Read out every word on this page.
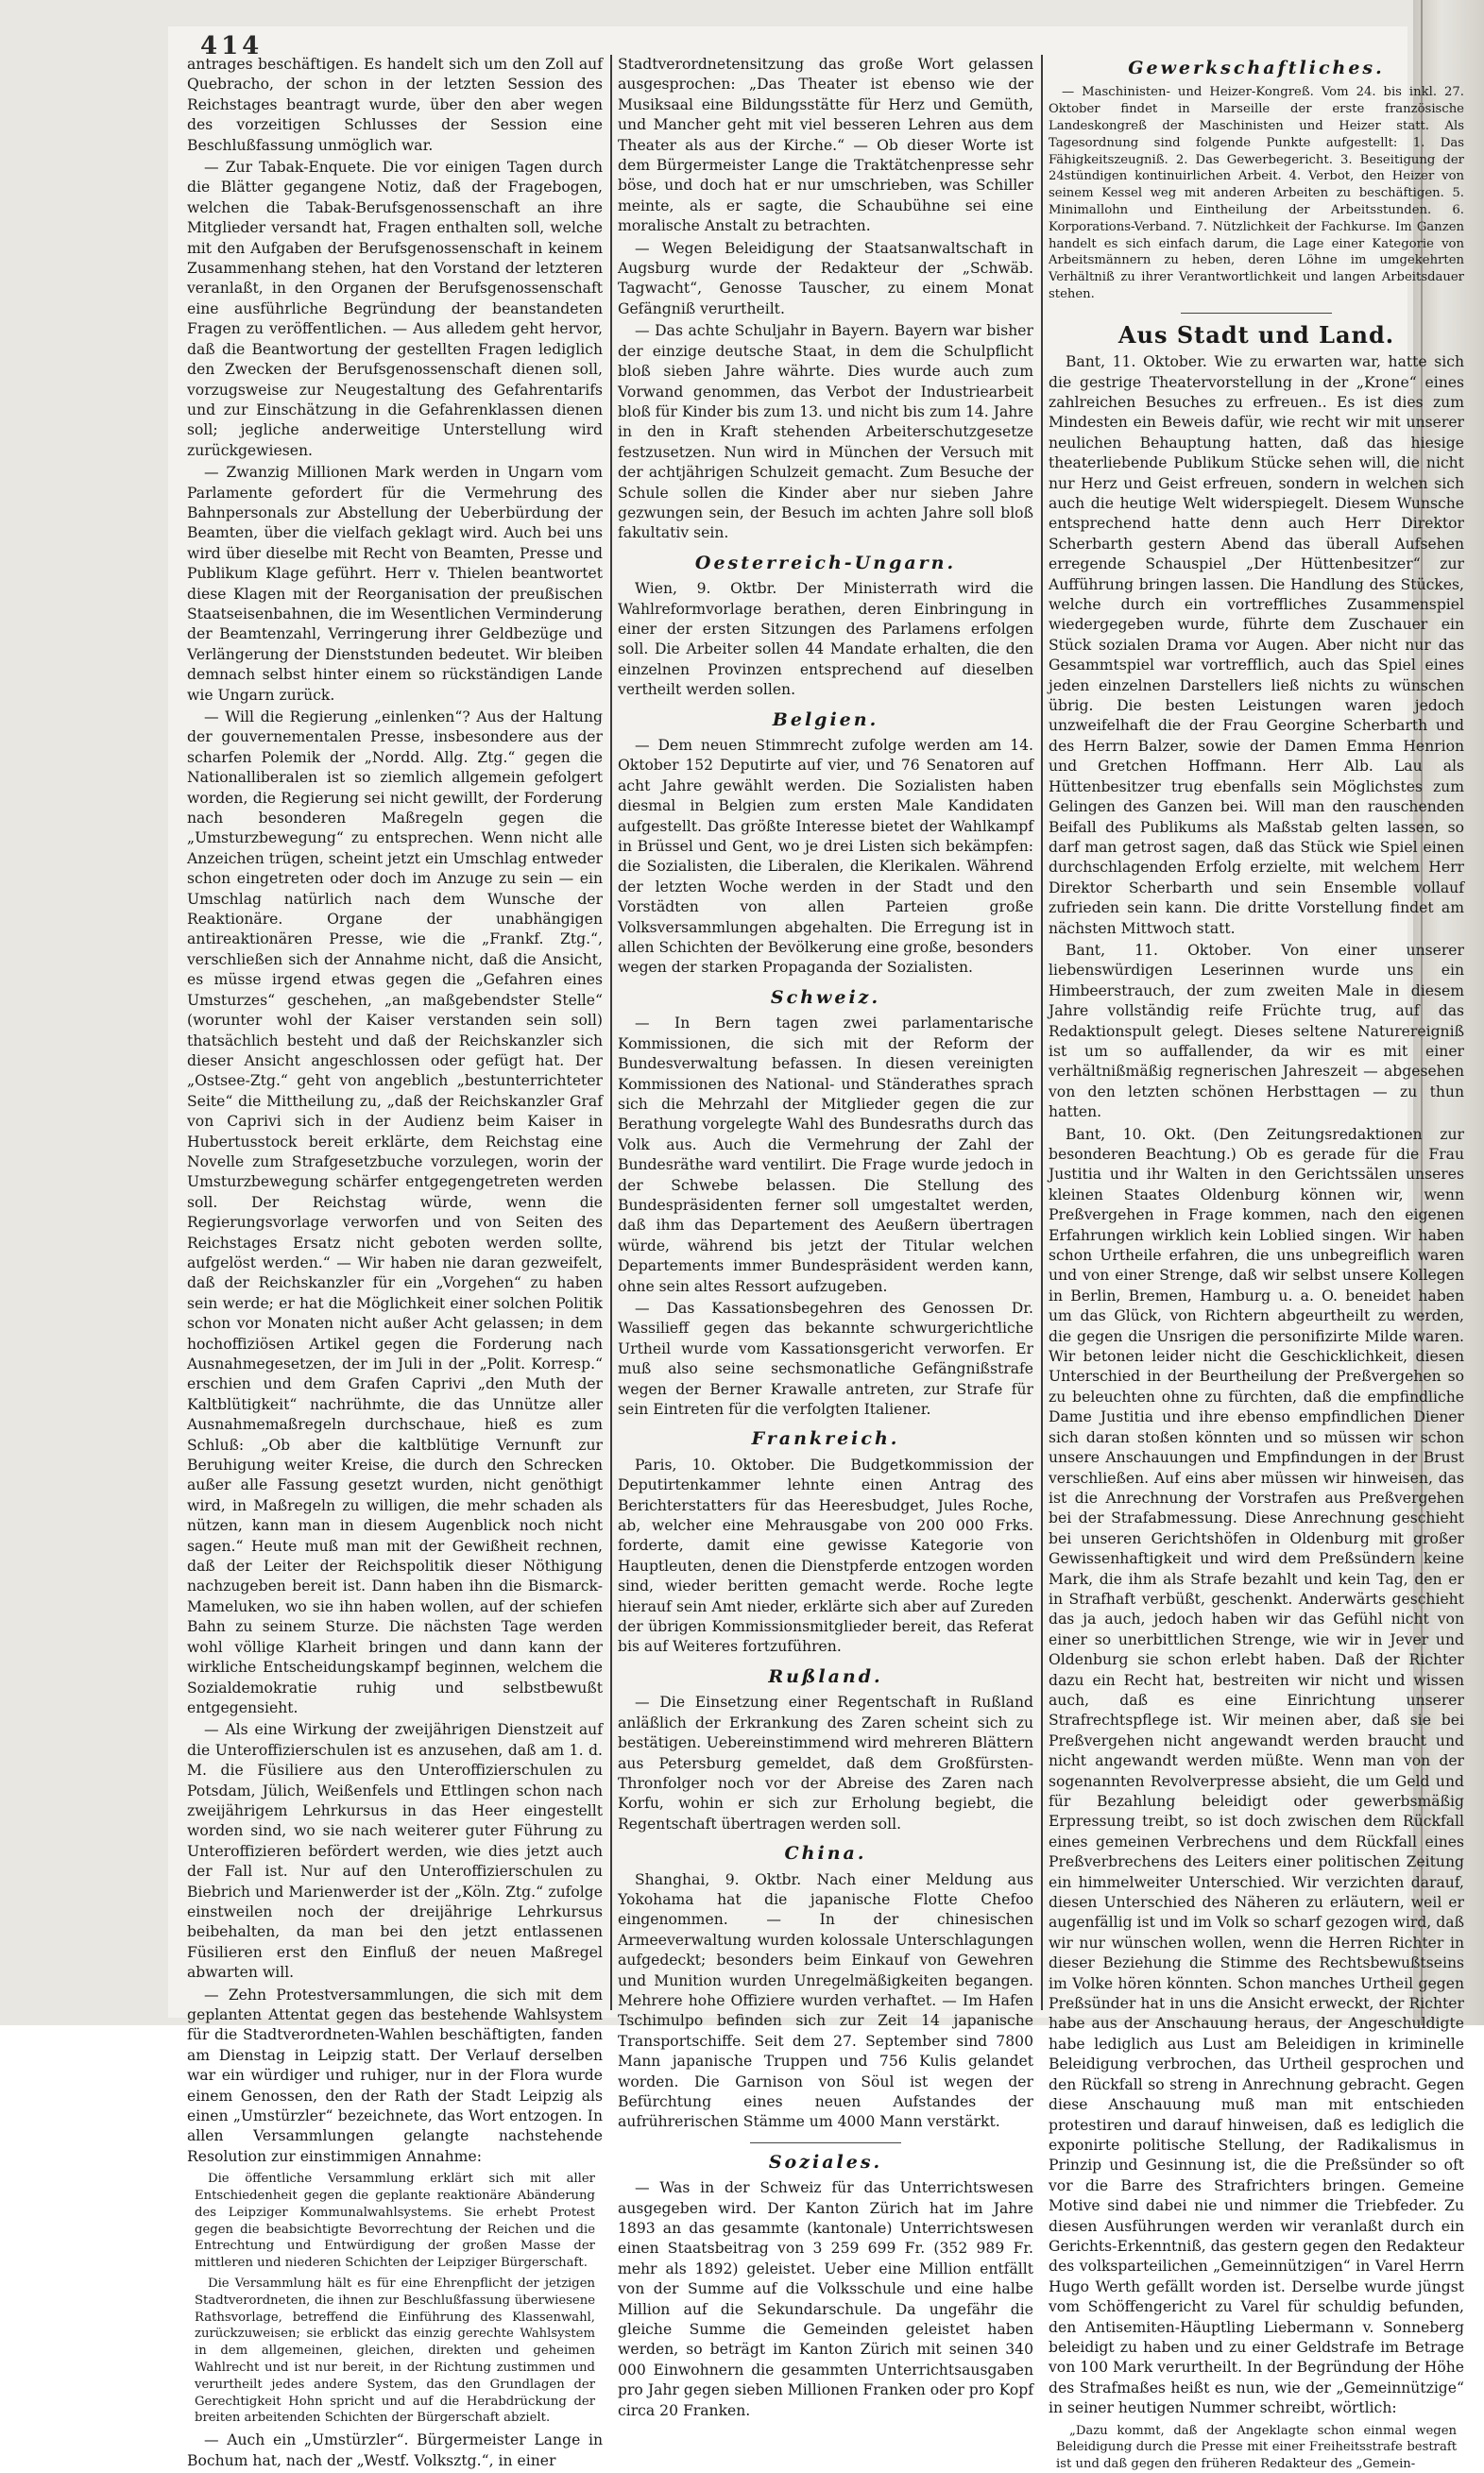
414

antrages beschäftigen. Es handelt sich um den Zoll auf Quebracho, der schon in der letzten Session des Reichstages beantragt wurde, über den aber wegen des vorzeitigen Schlusses der Session eine Beschlußfassung unmöglich war.

— Zur Tabak-Enquete. Die vor einigen Tagen durch die Blätter gegangene Notiz, daß der Fragebogen, welchen die Tabak-Berufsgenossenschaft an ihre Mitglieder versandt hat, Fragen enthalten soll, welche mit den Aufgaben der Berufsgenossenschaft in keinem Zusammenhang stehen, hat den Vorstand der letzteren veranlaßt, in den Organen der Berufsgenossenschaft eine ausführliche Begründung der beanstandeten Fragen zu veröffentlichen. — Aus alledem geht hervor, daß die Beantwortung der gestellten Fragen lediglich den Zwecken der Berufsgenossenschaft dienen soll, vorzugsweise zur Neugestaltung des Gefahrentarifs und zur Einschätzung in die Gefahrenklassen dienen soll; jegliche anderweitige Unterstellung wird zurückgewiesen.

— Zwanzig Millionen Mark werden in Ungarn vom Parlamente gefordert für die Vermehrung des Bahnpersonals zur Abstellung der Ueberbürdung der Beamten, über die vielfach geklagt wird. Auch bei uns wird über dieselbe mit Recht von Beamten, Presse und Publikum Klage geführt. Herr v. Thielen beantwortet diese Klagen mit der Reorganisation der preußischen Staatseisenbahnen, die im Wesentlichen Verminderung der Beamtenzahl, Verringerung ihrer Geldbezüge und Verlängerung der Dienststunden bedeutet. Wir bleiben demnach selbst hinter einem so rückständigen Lande wie Ungarn zurück.

— Will die Regierung „einlenken“? Aus der Haltung der gouvernementalen Presse, insbesondere aus der scharfen Polemik der „Nordd. Allg. Ztg.“ gegen die Nationalliberalen ist so ziemlich allgemein gefolgert worden, die Regierung sei nicht gewillt, der Forderung nach besonderen Maßregeln gegen die „Umsturzbewegung“ zu entsprechen. Wenn nicht alle Anzeichen trügen, scheint jetzt ein Umschlag entweder schon eingetreten oder doch im Anzuge zu sein — ein Umschlag natürlich nach dem Wunsche der Reaktionäre. Organe der unabhängigen antireaktionären Presse, wie die „Frankf. Ztg.“, verschließen sich der Annahme nicht, daß die Ansicht, es müsse irgend etwas gegen die „Gefahren eines Umsturzes“ geschehen, „an maßgebendster Stelle“ (worunter wohl der Kaiser verstanden sein soll) thatsächlich besteht und daß der Reichskanzler sich dieser Ansicht angeschlossen oder gefügt hat. Der „Ostsee-Ztg.“ geht von angeblich „bestunterrichteter Seite“ die Mittheilung zu, „daß der Reichskanzler Graf von Caprivi sich in der Audienz beim Kaiser in Hubertusstock bereit erklärte, dem Reichstag eine Novelle zum Strafgesetzbuche vorzulegen, worin der Umsturzbewegung schärfer entgegengetreten werden soll. Der Reichstag würde, wenn die Regierungsvorlage verworfen und von Seiten des Reichstages Ersatz nicht geboten werden sollte, aufgelöst werden.“ — Wir haben nie daran gezweifelt, daß der Reichskanzler für ein „Vorgehen“ zu haben sein werde; er hat die Möglichkeit einer solchen Politik schon vor Monaten nicht außer Acht gelassen; in dem hochoffiziösen Artikel gegen die Forderung nach Ausnahmegesetzen, der im Juli in der „Polit. Korresp.“ erschien und dem Grafen Caprivi „den Muth der Kaltblütigkeit“ nachrühmte, die das Unnütze aller Ausnahmemaßregeln durchschaue, hieß es zum Schluß: „Ob aber die kaltblütige Vernunft zur Beruhigung weiter Kreise, die durch den Schrecken außer alle Fassung gesetzt wurden, nicht genöthigt wird, in Maßregeln zu willigen, die mehr schaden als nützen, kann man in diesem Augenblick noch nicht sagen.“ Heute muß man mit der Gewißheit rechnen, daß der Leiter der Reichspolitik dieser Nöthigung nachzugeben bereit ist. Dann haben ihn die Bismarck-Mameluken, wo sie ihn haben wollen, auf der schiefen Bahn zu seinem Sturze. Die nächsten Tage werden wohl völlige Klarheit bringen und dann kann der wirkliche Entscheidungskampf beginnen, welchem die Sozialdemokratie ruhig und selbstbewußt entgegensieht.

— Als eine Wirkung der zweijährigen Dienstzeit auf die Unteroffizierschulen ist es anzusehen, daß am 1. d. M. die Füsiliere aus den Unteroffizierschulen zu Potsdam, Jülich, Weißenfels und Ettlingen schon nach zweijährigem Lehrkursus in das Heer eingestellt worden sind, wo sie nach weiterer guter Führung zu Unteroffizieren befördert werden, wie dies jetzt auch der Fall ist. Nur auf den Unteroffizierschulen zu Biebrich und Marienwerder ist der „Köln. Ztg.“ zufolge einstweilen noch der dreijährige Lehrkursus beibehalten, da man bei den jetzt entlassenen Füsilieren erst den Einfluß der neuen Maßregel abwarten will.

— Zehn Protestversammlungen, die sich mit dem geplanten Attentat gegen das bestehende Wahlsystem für die Stadtverordneten-Wahlen beschäftigten, fanden am Dienstag in Leipzig statt. Der Verlauf derselben war ein würdiger und ruhiger, nur in der Flora wurde einem Genossen, den der Rath der Stadt Leipzig als einen „Umstürzler“ bezeichnete, das Wort entzogen. In allen Versammlungen gelangte nachstehende Resolution zur einstimmigen Annahme:

Die öffentliche Versammlung erklärt sich mit aller Entschiedenheit gegen die geplante reaktionäre Abänderung des Leipziger Kommunalwahlsystems. Sie erhebt Protest gegen die beabsichtigte Bevorrechtung der Reichen und die Entrechtung und Entwürdigung der großen Masse der mittleren und niederen Schichten der Leipziger Bürgerschaft.

Die Versammlung hält es für eine Ehrenpflicht der jetzigen Stadtverordneten, die ihnen zur Beschlußfassung überwiesene Rathsvorlage, betreffend die Einführung des Klassenwahl, zurückzuweisen; sie erblickt das einzig gerechte Wahlsystem in dem allgemeinen, gleichen, direkten und geheimen Wahlrecht und ist nur bereit, in der Richtung zustimmen und verurtheilt jedes andere System, das den Grundlagen der Gerechtigkeit Hohn spricht und auf die Herabdrückung der breiten arbeitenden Schichten der Bürgerschaft abzielt.

— Auch ein „Umstürzler“. Bürgermeister Lange in Bochum hat, nach der „Westf. Volksztg.“, in einer

Stadtverordnetensitzung das große Wort gelassen ausgesprochen: „Das Theater ist ebenso wie der Musiksaal eine Bildungsstätte für Herz und Gemüth, und Mancher geht mit viel besseren Lehren aus dem Theater als aus der Kirche.“ — Ob dieser Worte ist dem Bürgermeister Lange die Traktätchenpresse sehr böse, und doch hat er nur umschrieben, was Schiller meinte, als er sagte, die Schaubühne sei eine moralische Anstalt zu betrachten.

— Wegen Beleidigung der Staatsanwaltschaft in Augsburg wurde der Redakteur der „Schwäb. Tagwacht“, Genosse Tauscher, zu einem Monat Gefängniß verurtheilt.

— Das achte Schuljahr in Bayern. Bayern war bisher der einzige deutsche Staat, in dem die Schulpflicht bloß sieben Jahre währte. Dies wurde auch zum Vorwand genommen, das Verbot der Industriearbeit bloß für Kinder bis zum 13. und nicht bis zum 14. Jahre in den in Kraft stehenden Arbeiterschutzgesetze festzusetzen. Nun wird in München der Versuch mit der achtjährigen Schulzeit gemacht. Zum Besuche der Schule sollen die Kinder aber nur sieben Jahre gezwungen sein, der Besuch im achten Jahre soll bloß fakultativ sein.

Oesterreich-Ungarn.

Wien, 9. Oktbr. Der Ministerrath wird die Wahlreformvorlage berathen, deren Einbringung in einer der ersten Sitzungen des Parlamens erfolgen soll. Die Arbeiter sollen 44 Mandate erhalten, die den einzelnen Provinzen entsprechend auf dieselben vertheilt werden sollen.

Belgien.

— Dem neuen Stimmrecht zufolge werden am 14. Oktober 152 Deputirte auf vier, und 76 Senatoren auf acht Jahre gewählt werden. Die Sozialisten haben diesmal in Belgien zum ersten Male Kandidaten aufgestellt. Das größte Interesse bietet der Wahlkampf in Brüssel und Gent, wo je drei Listen sich bekämpfen: die Sozialisten, die Liberalen, die Klerikalen. Während der letzten Woche werden in der Stadt und den Vorstädten von allen Parteien große Volksversammlungen abgehalten. Die Erregung ist in allen Schichten der Bevölkerung eine große, besonders wegen der starken Propaganda der Sozialisten.

Schweiz.

— In Bern tagen zwei parlamentarische Kommissionen, die sich mit der Reform der Bundesverwaltung befassen. In diesen vereinigten Kommissionen des National- und Ständerathes sprach sich die Mehrzahl der Mitglieder gegen die zur Berathung vorgelegte Wahl des Bundesraths durch das Volk aus. Auch die Vermehrung der Zahl der Bundesräthe ward ventilirt. Die Frage wurde jedoch in der Schwebe belassen. Die Stellung des Bundespräsidenten ferner soll umgestaltet werden, daß ihm das Departement des Aeußern übertragen würde, während bis jetzt der Titular welchen Departements immer Bundespräsident werden kann, ohne sein altes Ressort aufzugeben.

— Das Kassationsbegehren des Genossen Dr. Wassilieff gegen das bekannte schwurgerichtliche Urtheil wurde vom Kassationsgericht verworfen. Er muß also seine sechsmonatliche Gefängnißstrafe wegen der Berner Krawalle antreten, zur Strafe für sein Eintreten für die verfolgten Italiener.

Frankreich.

Paris, 10. Oktober. Die Budgetkommission der Deputirtenkammer lehnte einen Antrag des Berichterstatters für das Heeresbudget, Jules Roche, ab, welcher eine Mehrausgabe von 200 000 Frks. forderte, damit eine gewisse Kategorie von Hauptleuten, denen die Dienstpferde entzogen worden sind, wieder beritten gemacht werde. Roche legte hierauf sein Amt nieder, erklärte sich aber auf Zureden der übrigen Kommissionsmitglieder bereit, das Referat bis auf Weiteres fortzuführen.

Rußland.

— Die Einsetzung einer Regentschaft in Rußland anläßlich der Erkrankung des Zaren scheint sich zu bestätigen. Uebereinstimmend wird mehreren Blättern aus Petersburg gemeldet, daß dem Großfürsten-Thronfolger noch vor der Abreise des Zaren nach Korfu, wohin er sich zur Erholung begiebt, die Regentschaft übertragen werden soll.

China.

Shanghai, 9. Oktbr. Nach einer Meldung aus Yokohama hat die japanische Flotte Chefoo eingenommen. — In der chinesischen Armeeverwaltung wurden kolossale Unterschlagungen aufgedeckt; besonders beim Einkauf von Gewehren und Munition wurden Unregelmäßigkeiten begangen. Mehrere hohe Offiziere wurden verhaftet. — Im Hafen Tschimulpo befinden sich zur Zeit 14 japanische Transportschiffe. Seit dem 27. September sind 7800 Mann japanische Truppen und 756 Kulis gelandet worden. Die Garnison von Söul ist wegen der Befürchtung eines neuen Aufstandes der aufrührerischen Stämme um 4000 Mann verstärkt.

Soziales.

— Was in der Schweiz für das Unterrichtswesen ausgegeben wird. Der Kanton Zürich hat im Jahre 1893 an das gesammte (kantonale) Unterrichtswesen einen Staatsbeitrag von 3 259 699 Fr. (352 989 Fr. mehr als 1892) geleistet. Ueber eine Million entfällt von der Summe auf die Volksschule und eine halbe Million auf die Sekundarschule. Da ungefähr die gleiche Summe die Gemeinden geleistet haben werden, so beträgt im Kanton Zürich mit seinen 340 000 Einwohnern die gesammten Unterrichtsausgaben pro Jahr gegen sieben Millionen Franken oder pro Kopf circa 20 Franken.

Gewerkschaftliches.

— Maschinisten- und Heizer-Kongreß. Vom 24. bis inkl. 27. Oktober findet in Marseille der erste französische Landeskongreß der Maschinisten und Heizer statt. Als Tagesordnung sind folgende Punkte aufgestellt: 1. Das Fähigkeitszeugniß. 2. Das Gewerbegericht. 3. Beseitigung der 24stündigen kontinuirlichen Arbeit. 4. Verbot, den Heizer von seinem Kessel weg mit anderen Arbeiten zu beschäftigen. 5. Minimallohn und Eintheilung der Arbeitsstunden. 6. Korporations-Verband. 7. Nützlichkeit der Fachkurse. Im Ganzen handelt es sich einfach darum, die Lage einer Kategorie von Arbeitsmännern zu heben, deren Löhne im umgekehrten Verhältniß zu ihrer Verantwortlichkeit und langen Arbeitsdauer stehen.

Aus Stadt und Land.

Bant, 11. Oktober. Wie zu erwarten war, hatte sich die gestrige Theatervorstellung in der „Krone“ eines zahlreichen Besuches zu erfreuen.. Es ist dies zum Mindesten ein Beweis dafür, wie recht wir mit unserer neulichen Behauptung hatten, daß das hiesige theaterliebende Publikum Stücke sehen will, die nicht nur Herz und Geist erfreuen, sondern in welchen sich auch die heutige Welt widerspiegelt. Diesem Wunsche entsprechend hatte denn auch Herr Direktor Scherbarth gestern Abend das überall Aufsehen erregende Schauspiel „Der Hüttenbesitzer“ zur Aufführung bringen lassen. Die Handlung des Stückes, welche durch ein vortreffliches Zusammenspiel wiedergegeben wurde, führte dem Zuschauer ein Stück sozialen Drama vor Augen. Aber nicht nur das Gesammtspiel war vortrefflich, auch das Spiel eines jeden einzelnen Darstellers ließ nichts zu wünschen übrig. Die besten Leistungen waren jedoch unzweifelhaft die der Frau Georgine Scherbarth und des Herrn Balzer, sowie der Damen Emma Henrion und Gretchen Hoffmann. Herr Alb. Lau als Hüttenbesitzer trug ebenfalls sein Möglichstes zum Gelingen des Ganzen bei. Will man den rauschenden Beifall des Publikums als Maßstab gelten lassen, so darf man getrost sagen, daß das Stück wie Spiel einen durchschlagenden Erfolg erzielte, mit welchem Herr Direktor Scherbarth und sein Ensemble vollauf zufrieden sein kann. Die dritte Vorstellung findet am nächsten Mittwoch statt.

Bant, 11. Oktober. Von einer unserer liebenswürdigen Leserinnen wurde uns ein Himbeerstrauch, der zum zweiten Male in diesem Jahre vollständig reife Früchte trug, auf das Redaktionspult gelegt. Dieses seltene Naturereigniß ist um so auffallender, da wir es mit einer verhältnißmäßig regnerischen Jahreszeit — abgesehen von den letzten schönen Herbsttagen — zu thun hatten.

Bant, 10. Okt. (Den Zeitungsredaktionen zur besonderen Beachtung.) Ob es gerade für die Frau Justitia und ihr Walten in den Gerichtssälen unseres kleinen Staates Oldenburg können wir, wenn Preßvergehen in Frage kommen, nach den eigenen Erfahrungen wirklich kein Loblied singen. Wir haben schon Urtheile erfahren, die uns unbegreiflich waren und von einer Strenge, daß wir selbst unsere Kollegen in Berlin, Bremen, Hamburg u. a. O. beneidet haben um das Glück, von Richtern abgeurtheilt zu werden, die gegen die Unsrigen die personifizirte Milde waren. Wir betonen leider nicht die Geschicklichkeit, diesen Unterschied in der Beurtheilung der Preßvergehen so zu beleuchten ohne zu fürchten, daß die empfindliche Dame Justitia und ihre ebenso empfindlichen Diener sich daran stoßen könnten und so müssen wir schon unsere Anschauungen und Empfindungen in der Brust verschließen. Auf eins aber müssen wir hinweisen, das ist die Anrechnung der Vorstrafen aus Preßvergehen bei der Strafabmessung. Diese Anrechnung geschieht bei unseren Gerichtshöfen in Oldenburg mit großer Gewissenhaftigkeit und wird dem Preßsündern keine Mark, die ihm als Strafe bezahlt und kein Tag, den er in Strafhaft verbüßt, geschenkt. Anderwärts geschieht das ja auch, jedoch haben wir das Gefühl nicht von einer so unerbittlichen Strenge, wie wir in Jever und Oldenburg sie schon erlebt haben. Daß der Richter dazu ein Recht hat, bestreiten wir nicht und wissen auch, daß es eine Einrichtung unserer Strafrechtspflege ist. Wir meinen aber, daß sie bei Preßvergehen nicht angewandt werden braucht und nicht angewandt werden müßte. Wenn man von der sogenannten Revolverpresse absieht, die um Geld und für Bezahlung beleidigt oder gewerbsmäßig Erpressung treibt, so ist doch zwischen dem Rückfall eines gemeinen Verbrechens und dem Rückfall eines Preßverbrechens des Leiters einer politischen Zeitung ein himmelweiter Unterschied. Wir verzichten darauf, diesen Unterschied des Näheren zu erläutern, weil er augenfällig ist und im Volk so scharf gezogen wird, daß wir nur wünschen wollen, wenn die Herren Richter in dieser Beziehung die Stimme des Rechtsbewußtseins im Volke hören könnten. Schon manches Urtheil gegen Preßsünder hat in uns die Ansicht erweckt, der Richter habe aus der Anschauung heraus, der Angeschuldigte habe lediglich aus Lust am Beleidigen in kriminelle Beleidigung verbrochen, das Urtheil gesprochen und den Rückfall so streng in Anrechnung gebracht. Gegen diese Anschauung muß man mit entschieden protestiren und darauf hinweisen, daß es lediglich die exponirte politische Stellung, der Radikalismus in Prinzip und Gesinnung ist, die die Preßsünder so oft vor die Barre des Strafrichters bringen. Gemeine Motive sind dabei nie und nimmer die Triebfeder. Zu diesen Ausführungen werden wir veranlaßt durch ein Gerichts-Erkenntniß, das gestern gegen den Redakteur des volksparteilichen „Gemeinnützigen“ in Varel Herrn Hugo Werth gefällt worden ist. Derselbe wurde jüngst vom Schöffengericht zu Varel für schuldig befunden, den Antisemiten-Häuptling Liebermann v. Sonneberg beleidigt zu haben und zu einer Geldstrafe im Betrage von 100 Mark verurtheilt. In der Begründung der Höhe des Strafmaßes heißt es nun, wie der „Gemeinnützige“ in seiner heutigen Nummer schreibt, wörtlich:

„Dazu kommt, daß der Angeklagte schon einmal wegen Beleidigung durch die Presse mit einer Freiheitsstrafe bestraft ist und daß gegen den früheren Redakteur des „Gemein-
